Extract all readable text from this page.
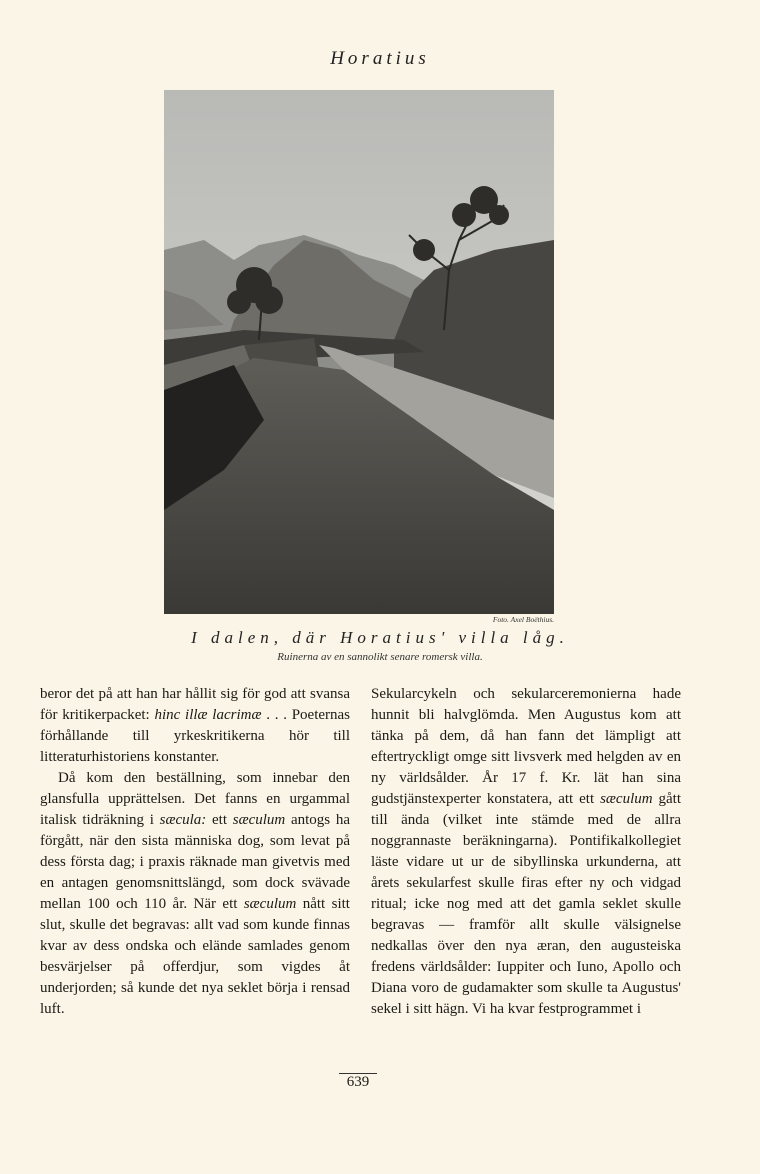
Horatius
Foto. Axel Boëthius.
I dalen, där Horatius' villa låg.
Ruinerna av en sannolikt senare romersk villa.

beror det på att han har hållit sig för god att svansa för kritikerpacket: hinc illæ lacrimæ . . . Poeternas förhållande till yrkeskritikerna hör till litteraturhistoriens konstanter.

Då kom den beställning, som innebar den glansfulla upprättelsen. Det fanns en urgammal italisk tidräkning i sæcula: ett sæculum antogs ha förgått, när den sista människa dog, som levat på dess första dag; i praxis räknade man givetvis med en antagen genomsnittslängd, som dock svävade mellan 100 och 110 år. När ett sæculum nått sitt slut, skulle det begravas: allt vad som kunde finnas kvar av dess ondska och elände samlades genom besvärjelser på offerdjur, som vigdes åt underjorden; så kunde det nya seklet börja i rensad luft.

Sekularcykeln och sekularceremonierna hade hunnit bli halvglömda. Men Augustus kom att tänka på dem, då han fann det lämpligt att eftertryckligt omge sitt livsverk med helgden av en ny världsålder. År 17 f. Kr. lät han sina gudstjänstexperter konstatera, att ett sæculum gått till ända (vilket inte stämde med de allra noggrannaste beräkningarna). Pontifikalkollegiet läste vidare ut ur de sibyllinska urkunderna, att årets sekularfest skulle firas efter ny och vidgad ritual; icke nog med att det gamla seklet skulle begravas — framför allt skulle välsignelse nedkallas över den nya æran, den augusteiska fredens världsålder: Iuppiter och Iuno, Apollo och Diana voro de gudamakter som skulle ta Augustus' sekel i sitt hägn. Vi ha kvar festprogrammet i

639
